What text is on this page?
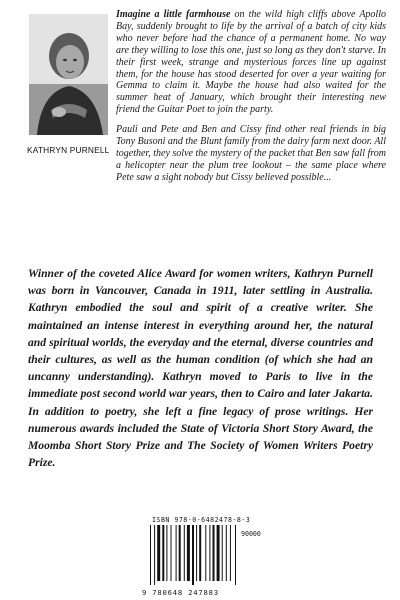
KATHRYN PURNELL

Imagine a little farmhouse on the wild high cliffs above Apollo Bay, suddenly brought to life by the arrival of a batch of city kids who never before had the chance of a permanent home. No way are they willing to lose this one, just so long as they don't starve. In their first week, strange and mysterious forces line up against them, for the house has stood deserted for over a year waiting for Gemma to claim it. Maybe the house had also waited for the summer heat of January, which brought their interesting new friend the Guitar Poet to join the party.

Pauli and Pete and Ben and Cissy find other real friends in big Tony Busoni and the Blunt family from the dairy farm next door. All together, they solve the mystery of the packet that Ben saw fall from a helicopter near the plum tree lookout – the same place where Pete saw a sight nobody but Cissy believed possible...

Winner of the coveted Alice Award for women writers, Kathryn Purnell was born in Vancouver, Canada in 1911, later settling in Australia. Kathryn embodied the soul and spirit of a creative writer. She maintained an intense interest in everything around her, the natural and spiritual worlds, the everyday and the eternal, diverse countries and their cultures, as well as the human condition (of which she had an uncanny understanding). Kathryn moved to Paris to live in the immediate post second world war years, then to Cairo and later Jakarta. In addition to poetry, she left a fine legacy of prose writings. Her numerous awards included the State of Victoria Short Story Award, the Moomba Short Story Prize and The Society of Women Writers Poetry Prize.

ISBN 978-0-6482478-8-3
90000
9 780648 247883
